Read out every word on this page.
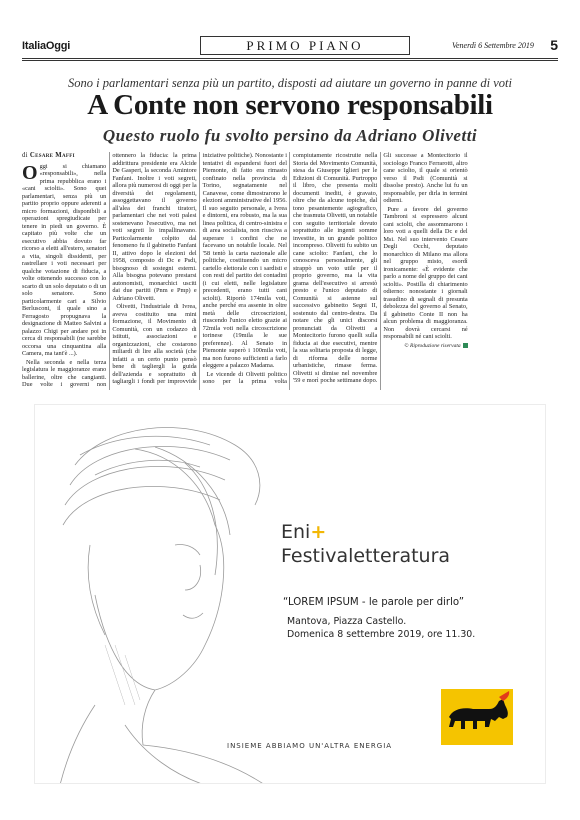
ItaliaOggi	PRIMO PIANO	Venerdì 6 Settembre 2019 5
Sono i parlamentari senza più un partito, disposti ad aiutare un governo in panne di voti
A Conte non servono responsabili
Questo ruolo fu svolto persino da Adriano Olivetti
di Cesare Maffi

Oggi si chiamano «responsabili», nella prima repubblica erano i «cani sciolti». Sono quei parlamentari, senza più un partito proprio oppure aderenti a micro formazioni, disponibili a operazioni spregiudicate per tenere in piedi un governo. È capitato più volte che un esecutivo abbia dovuto far ricorso a eletti all'estero, senatori a vita, singoli dissidenti, per rastrellare i voti necessari per qualche votazione di fiducia, a volte ottenendo successo con lo scarto di un solo deputato o di un solo senatore. Sono particolarmente cari a Silvio Berlusconi, il quale sino a Ferragosto propugnava la designazione di Matteo Salvini a palazzo Chigi per andare poi in cerca di responsabili (ne sarebbe occorsa una cinquantina alla Camera, ma tant'è ...).

Nella seconda e nella terza legislatura le maggioranze erano ballerine, oltre che cangianti. Due volte i governi non ottennero la fiducia: la prima addirittura presidente era Alcide De Gasperi, la seconda Amintore Fanfani. Inoltre i voti segreti, allora più numerosi di oggi per la diversità dei regolamenti, assoggettavano il governo all'alea dei franchi tiratori, parlamentari che nei voti palesi sostenevano l'esecutivo, ma nei voti segreti lo impallinavano. Particolarmente colpito dal fenomeno fu il gabinetto Fanfani II, attivo dopo le elezioni del 1958, composto di Dc e Psdi, bisognoso di sostegni esterni. Alla bisogna potevano prestarsi autonomisti, monarchici usciti dai due partiti (Pnm e Pmp) e Adriano Olivetti.

Olivetti, l'industriale di Ivrea, aveva costituito una mini formazione, il Movimento di Comunità, con un codazzo di istituti, associazioni e organizzazioni, che costarono miliardi di lire alla società (che infatti a un certo punto pensò bene di tagliergli la guida dell'azienda e soprattutto di tagliargli i fondi per improvvide iniziative politiche). Nonostante i tentativi di espandersi fuori del Piemonte, di fatto era rimasto confinato nella provincia di Torino, segnatamente nel Canavese, come dimostrarono le elezioni amministrative del 1956. Il suo seguito personale, a Ivrea e dintorni, era robusto, ma la sua linea politica, di centro-sinistra e di area socialista, non riusciva a superare i confini che ne facevano un notabile locale. Nel '58 tentò la carta nazionale alle politiche, costituendo un micro cartello elettorale con i sardisti e con resti del partito dei contadini (i cui eletti, nelle legislature precedenti, erano tutti cani sciolti). Riportò 174mila voti, anche perché era assente in oltre metà delle circoscrizioni, riuscendo l'unico eletto grazie ai 72mila voti nella circoscrizione torinese (19mila le sue preferenze). Al Senato in Piemonte superò i 100mila voti, ma non furono sufficienti a farlo eleggere a palazzo Madama.

Le vicende di Olivetti politico sono per la prima volta compiutamente ricostruite nella Storia del Movimento Comunità, stesa da Giuseppe Iglieri per le Edizioni di Comunità. Purtroppo il libro, che presenta molti documenti inediti, è gravato, oltre che da alcune topiche, dal tono pesantemente agiografico, che trasmuta Olivetti, un notabile con seguito territoriale dovuto soprattutto alle ingenti somme investite, in un grande politico incompreso. Olivetti fu subito un cane sciolto: Fanfani, che lo conosceva personalmente, gli strappò un voto utile per il proprio governo, ma la vita grama dell'esecutivo si arrestò presto e l'unico deputato di Comunità si astenne sul successivo gabinetto Segni II, sostenuto dal centro-destra. Da notare che gli unici discorsi pronunciati da Olivetti a Montecitorio furono quelli sulla fiducia ai due esecutivi, mentre la sua solitaria proposta di legge, di riforma delle norme urbanistiche, rimase ferma. Olivetti si dimise nel novembre '59 e morì poche settimane dopo. Gli successe a Montecitorio il sociologo Franco Ferrarotti, altro cane sciolto, il quale si orientò verso il Psdi (Comunità si dissolse presto). Anche lui fu un responsabile, per dirla in termini odierni.

Pure a favore del governo Tambroni si espressero alcuni cani sciolti, che assommarono i loro voti a quelli della Dc e del Msi. Nel suo intervento Cesare Degli Occhi, deputato monarchico di Milano ma allora nel gruppo misto, esordì ironicamente: «È evidente che parlo a nome del gruppo dei cani sciolti». Postilla di chiarimento odierno: nonostante i giornali trasudino di segnali di presunta debolezza del governo al Senato, il gabinetto Conte II non ha alcun problema di maggioranza. Non dovrà cercarsi né responsabili né cani sciolti.

© Riproduzione riservata
Eni+
Festivaletteratura
“LOREM IPSUM - le parole per dirlo”
Mantova, Piazza Castello.
Domenica 8 settembre 2019, ore 11.30.
INSIEME ABBIAMO UN'ALTRA ENERGIA
